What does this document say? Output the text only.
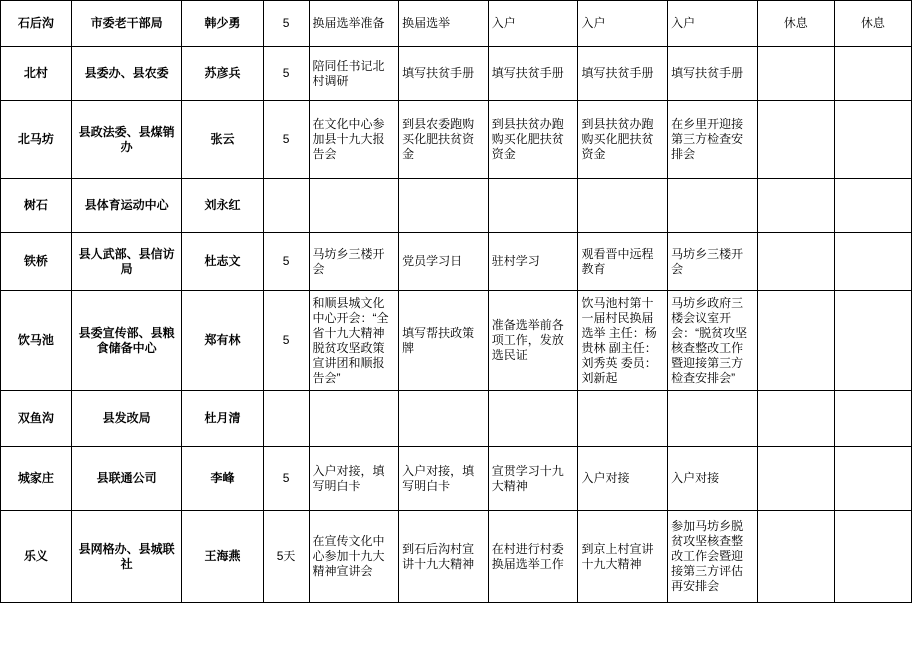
石后沟	市委老干部局	韩少勇	5	换届选举准备	换届选举	入户	入户	入户	休息	休息
北村	县委办、县农委	苏彦兵	5	陪同任书记北村调研	填写扶贫手册	填写扶贫手册	填写扶贫手册	填写扶贫手册		
北马坊	县政法委、县煤销办	张云	5	在文化中心参加县十九大报告会	到县农委跑购买化肥扶贫资金	到县扶贫办跑购买化肥扶贫资金	到县扶贫办跑购买化肥扶贫资金	在乡里开迎接第三方检查安排会		
树石	县体育运动中心	刘永红								
铁桥	县人武部、县信访局	杜志文	5	马坊乡三楼开会	党员学习日	驻村学习	观看晋中远程教育	马坊乡三楼开会		
饮马池	县委宣传部、县粮食储备中心	郑有林	5	和顺县城文化中心开会：“全省十九大精神脱贫攻坚政策宣讲团和顺报告会”	填写帮扶政策牌	准备选举前各项工作，发放选民证	饮马池村第十一届村民换届选举 主任：杨贵林 副主任：刘秀英 委员：刘新起	马坊乡政府三楼会议室开会：“脱贫攻坚核查整改工作暨迎接第三方检查安排会”		
双鱼沟	县发改局	杜月清								
城家庄	县联通公司	李峰	5	入户对接，填写明白卡	入户对接，填写明白卡	宣贯学习十九大精神	入户对接	入户对接		
乐义	县网格办、县城联社	王海燕	5天	在宣传文化中心参加十九大精神宣讲会	到石后沟村宣讲十九大精神	在村进行村委换届选举工作	到京上村宣讲十九大精神	参加马坊乡脱贫攻坚核查整改工作会暨迎接第三方评估再安排会		
